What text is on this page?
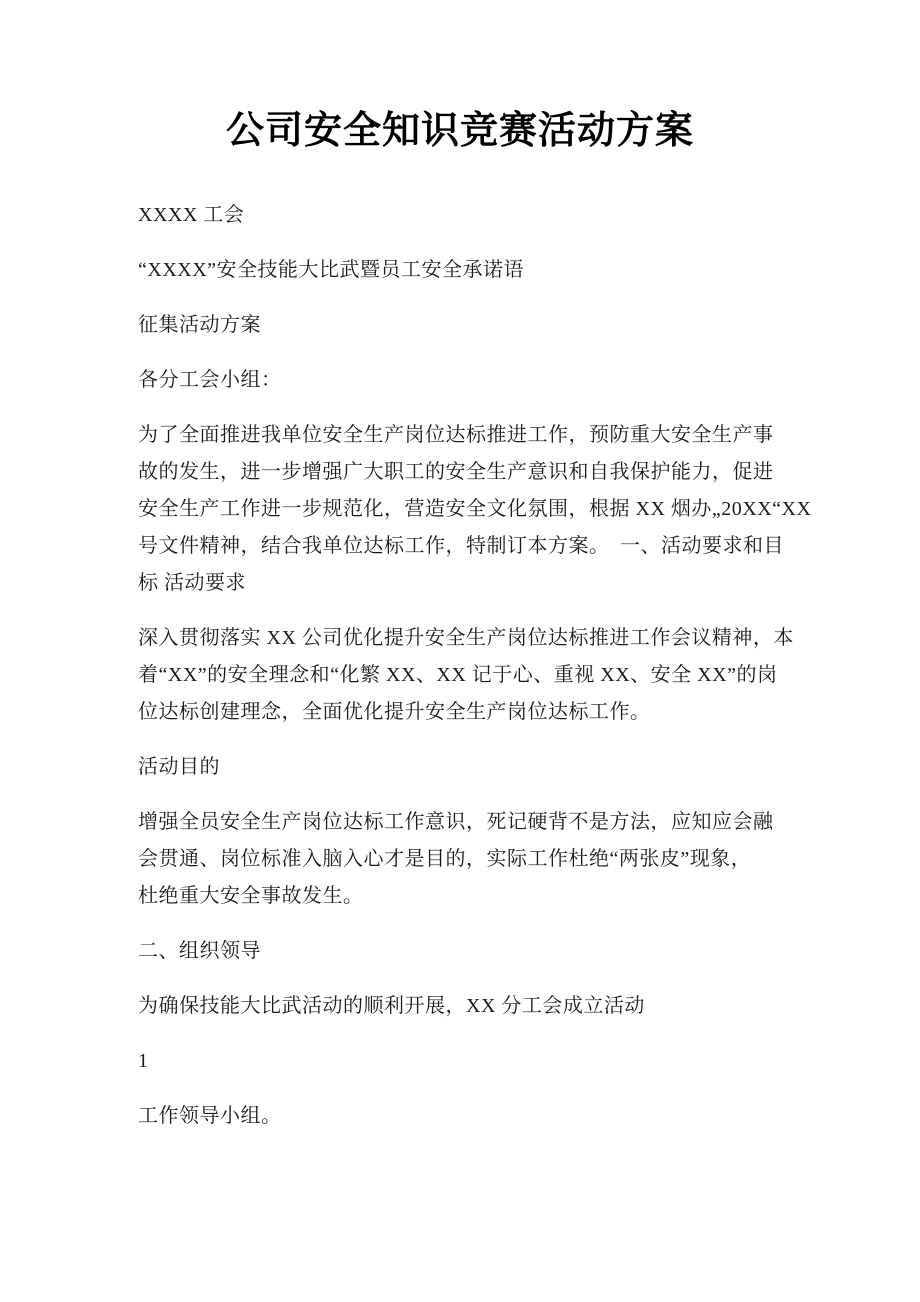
公司安全知识竞赛活动方案
XXXX 工会
“XXXX”安全技能大比武暨员工安全承诺语
征集活动方案
各分工会小组：
为了全面推进我单位安全生产岗位达标推进工作，预防重大安全生产事
故的发生，进一步增强广大职工的安全生产意识和自我保护能力，促进
安全生产工作进一步规范化，营造安全文化氛围，根据 XX 烟办„20XX“XX
号文件精神，结合我单位达标工作，特制订本方案。　一、活动要求和目
标 活动要求
深入贯彻落实 XX 公司优化提升安全生产岗位达标推进工作会议精神，本
着“XX”的安全理念和“化繁 XX、XX 记于心、重视 XX、安全 XX”的岗
位达标创建理念，全面优化提升安全生产岗位达标工作。
活动目的
增强全员安全生产岗位达标工作意识，死记硬背不是方法，应知应会融
会贯通、岗位标准入脑入心才是目的，实际工作杜绝“两张皮”现象，
杜绝重大安全事故发生。
二、组织领导
为确保技能大比武活动的顺利开展，XX 分工会成立活动
1
工作领导小组。
